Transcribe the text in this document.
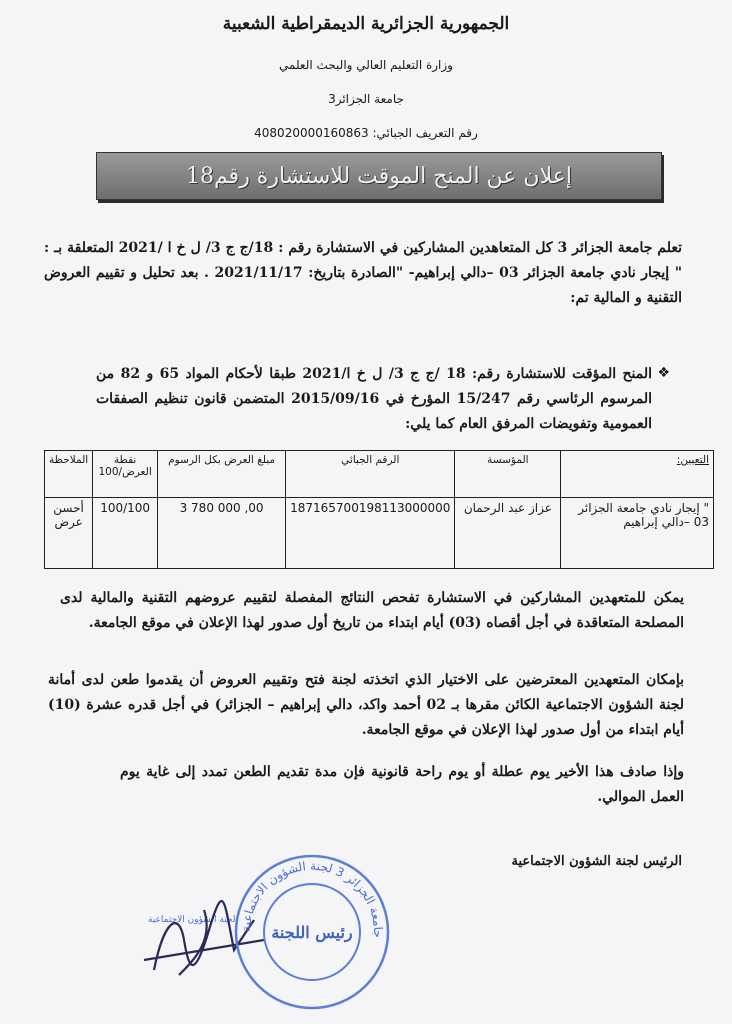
الجمهورية الجزائرية الديمقراطية الشعبية
وزارة التعليم العالي والبحث العلمي
جامعة الجزائر3
رقم التعريف الجبائي: 408020000160863
إعلان عن المنح الموقت للاستشارة رقم18

تعلم جامعة الجزائر 3 كل المتعاهدين المشاركين في الاستشارة رقم : 18/ج ج 3/ ل خ ا /2021 المتعلقة بـ : " إيجار نادي جامعة الجزائر 03 –دالي إبراهيم- "الصادرة بتاريخ: 2021/11/17 . بعد تحليل و تقييم العروض التقنية و المالية تم:

❖

المنح المؤقت للاستشارة رقم: 18 /ج ج 3/ ل خ ا/2021 طبقا لأحكام المواد 65 و 82 من المرسوم الرئاسي رقم 15/247 المؤرخ في 2015/09/16 المتضمن قانون تنظيم الصفقات العمومية وتفويضات المرفق العام كما يلي:

التعيين:	المؤسسة	الرقم الجبائي	مبلغ العرض بكل الرسوم	نقطة العرض/100	الملاحظة
" إيجار نادي جامعة الجزائر 03 –دالي إبراهيم	عزاز عبد الرحمان	187165700198113000000	3 780 000 ,00	100/100	أحسن عرض

يمكن للمتعهدين المشاركين في الاستشارة تفحص النتائج المفصلة لتقييم عروضهم التقنية والمالية لدى المصلحة المتعاقدة في أجل أقصاه (03) أيام ابتداء من تاريخ أول صدور لهذا الإعلان في موقع الجامعة.

بإمكان المتعهدين المعترضين على الاختيار الذي اتخذته لجنة فتح وتقييم العروض أن يقدموا طعن لدى أمانة لجنة الشؤون الاجتماعية الكائن مقرها بـ 02 أحمد واكد، دالي إبراهيم – الجزائر) في أجل قدره عشرة (10) أيام ابتداء من أول صدور لهذا الإعلان في موقع الجامعة.

وإذا صادف هذا الأخير يوم عطلة أو يوم راحة قانونية فإن مدة تقديم الطعن تمدد إلى غاية يوم العمل الموالي.

الرئيس لجنة الشؤون الاجتماعية
لجنة الشؤون الاجتماعية
جامعة الجزائر 3 لجنة الشؤون الاجتماعية
رئيس اللجنة
